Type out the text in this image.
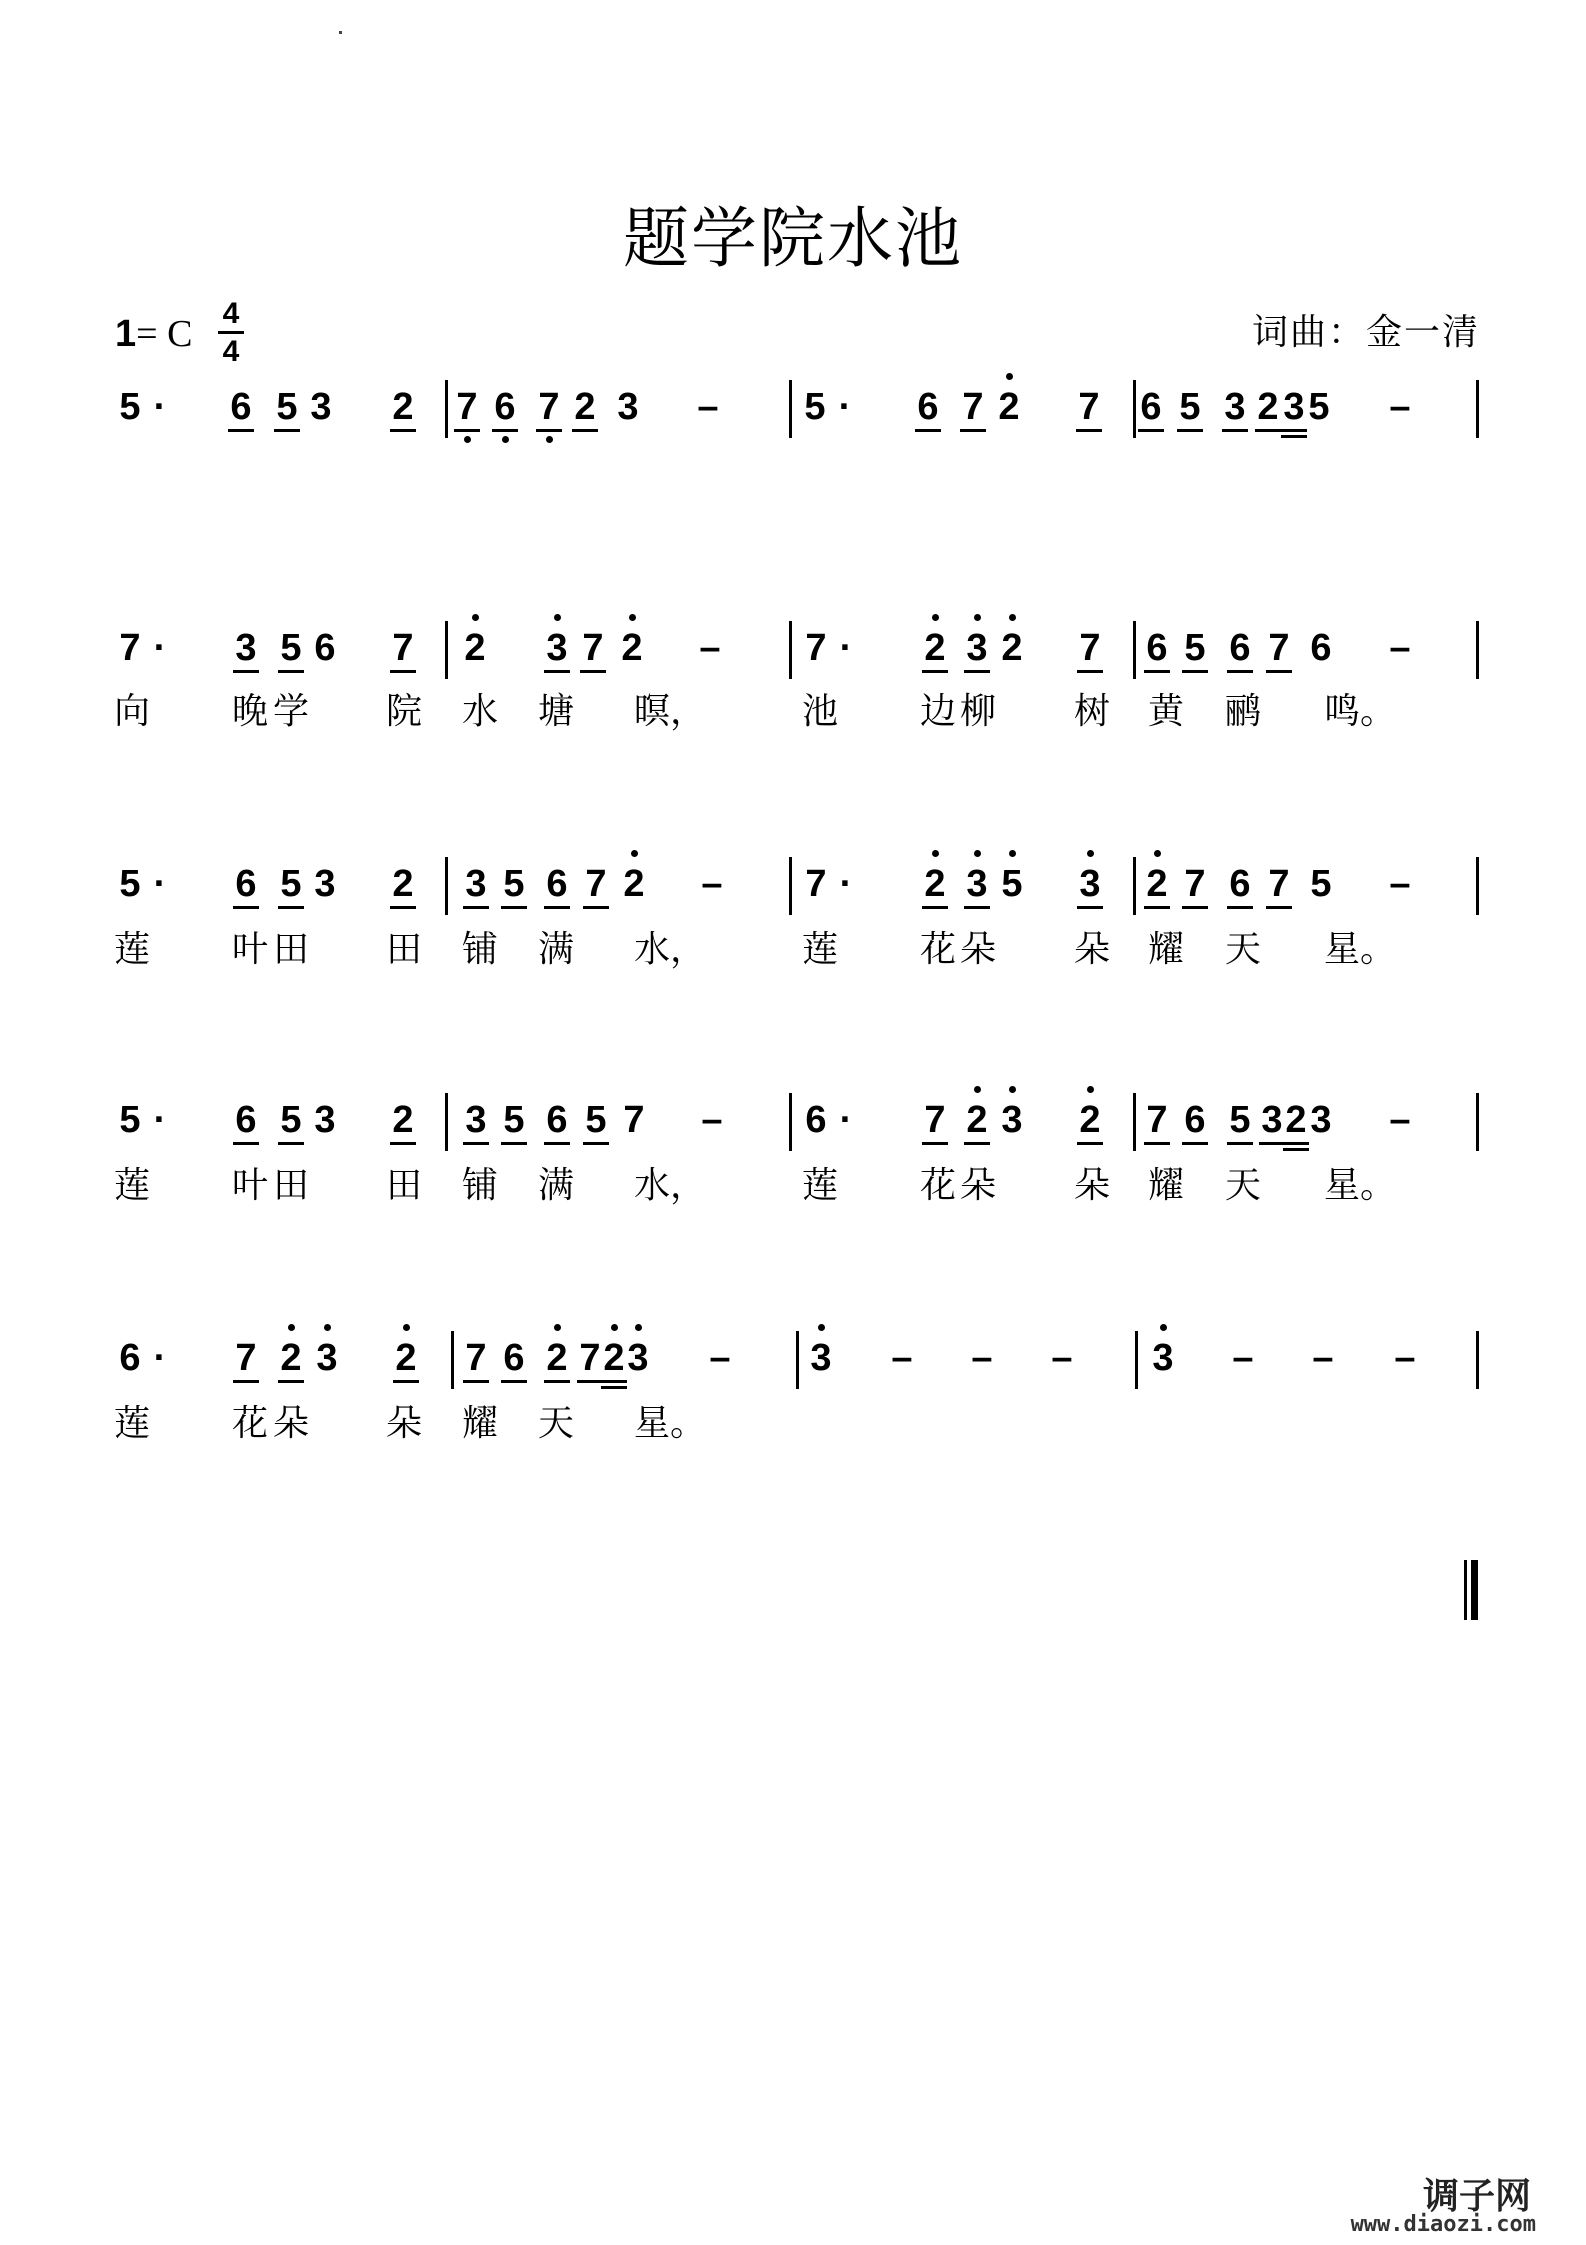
题学院水池
1= C 4
4	词曲：金一清
5 ·	6 5 3 2 7 6 7 2 3 – 5 ·	6 7 2 7 6 5 3 2 3 5 –
7 ·	3 5 6 7 2 3 7 2 – 7 ·	2 3 2 7 6 5 6 7 6 –
向	晚 学	院	水	塘	暝，	池	边 柳	树	黄	鹂	鸣。
5 ·	6 5 3 2 3 5 6 7 2 – 7 ·	2 3 5 3 2 7 6 7 5 –
莲	叶 田	田	铺	满	水，	莲	花 朵	朵	耀	天	星。
5 ·	6 5 3 2 3 5 6 5 7 – 6 ·	7 2 3 2 7 6 5 3 2 3 –
莲	叶 田	田	铺	满	水，	莲	花 朵	朵	耀	天	星。
6 ·	7 2 3 2 7 6 2 7 2 3 – 3 – – – 3 – – –
莲	花 朵	朵	耀	天	星。
调子网
www.diaozi.com
